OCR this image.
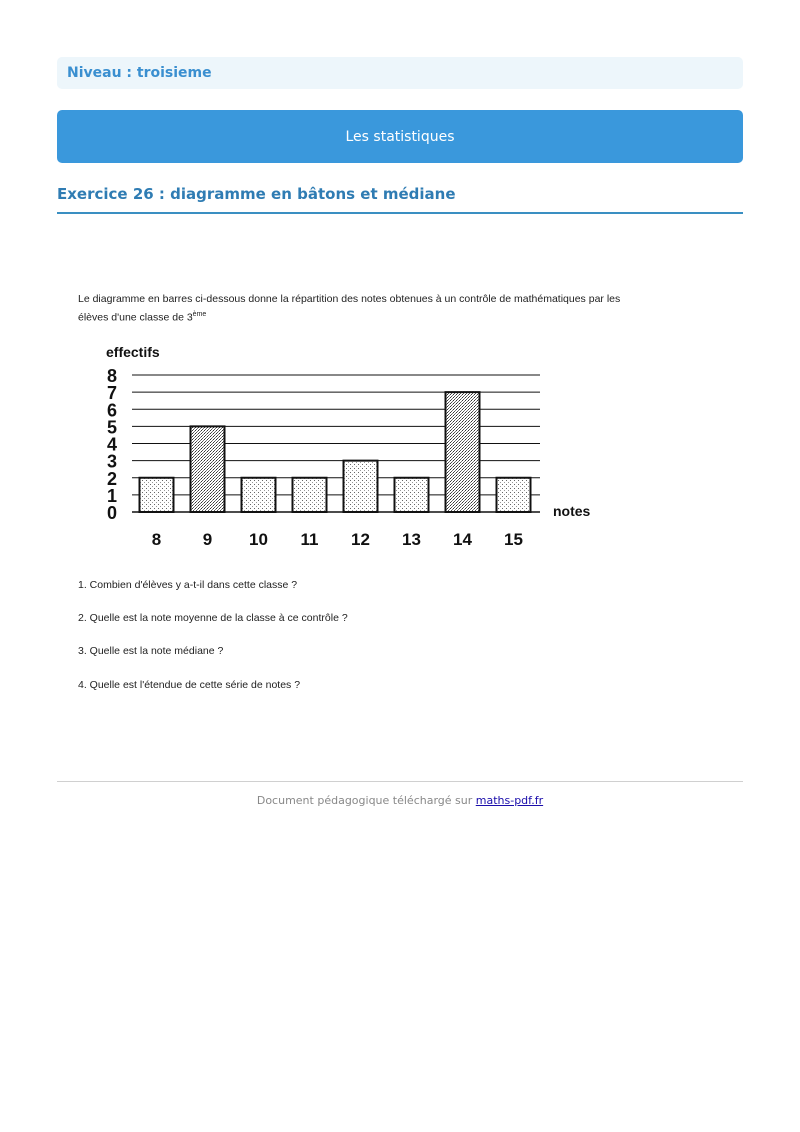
Niveau : troisieme
Les statistiques
Exercice 26 : diagramme en bâtons et médiane
Le diagramme en barres ci-dessous donne la répartition des notes obtenues à un contrôle de mathématiques par les
élèves d'une classe de 3ème
0
1
2
3
4
5
6
7
8
8 9 10 11 12 13 14 15
effectifs
notes
1. Combien d'élèves y a-t-il dans cette classe ?
2. Quelle est la note moyenne de la classe à ce contrôle ?
3. Quelle est la note médiane ?
4. Quelle est l'étendue de cette série de notes ?
Document pédagogique téléchargé sur maths-pdf.fr
